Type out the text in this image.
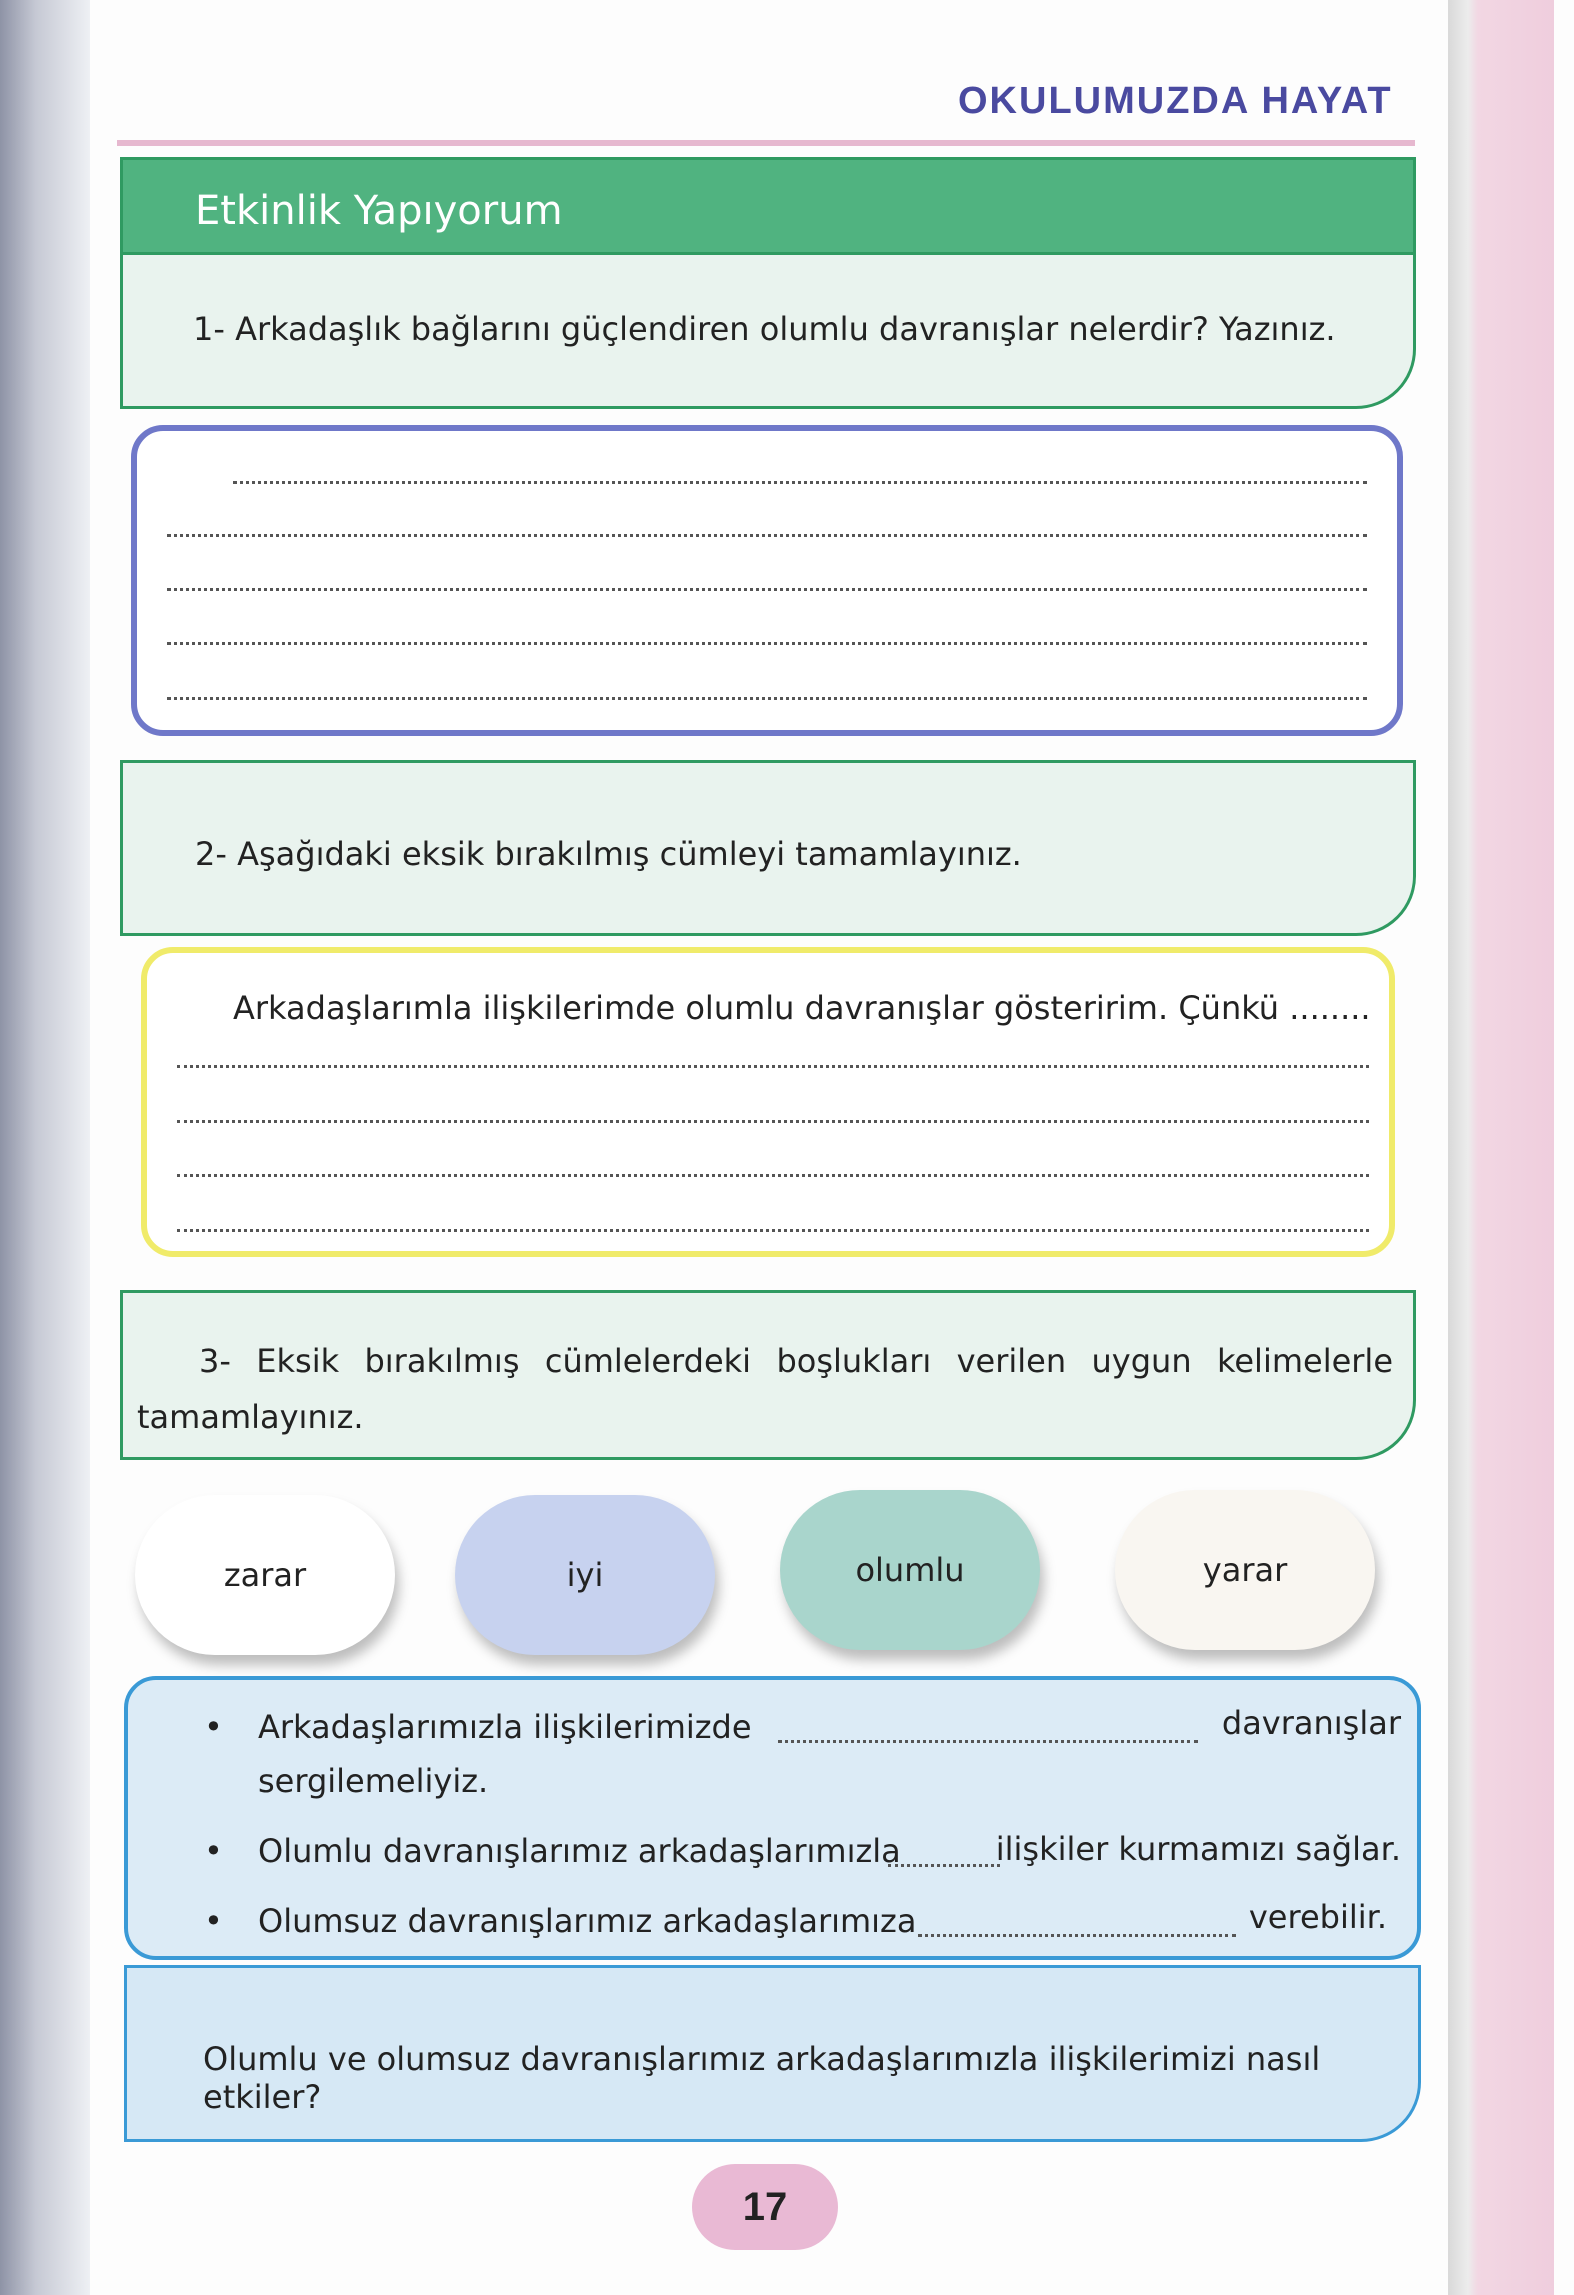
OKULUMUZDA HAYAT
1- Arkadaşlık bağlarını güçlendiren olumlu davranışlar nelerdir? Yazınız.
Etkinlik Yapıyorum
2- Aşağıdaki eksik bırakılmış cümleyi tamamlayınız.
Arkadaşlarımla ilişkilerimde olumlu davranışlar gösteririm. Çünkü ........
3- Eksik bırakılmış cümlelerdeki boşlukları verilen uygun kelimelerle tamamlayınız.
zarar	iyi	olumlu	yarar
• Arkadaşlarımızla ilişkilerimizde	davranışlar
sergilemeliyiz.
• Olumlu davranışlarımız arkadaşlarımızla	ilişkiler kurmamızı sağlar.
• Olumsuz davranışlarımız arkadaşlarımıza	verebilir.
Olumlu ve olumsuz davranışlarımız arkadaşlarımızla ilişkilerimizi nasıl etkiler?
17
